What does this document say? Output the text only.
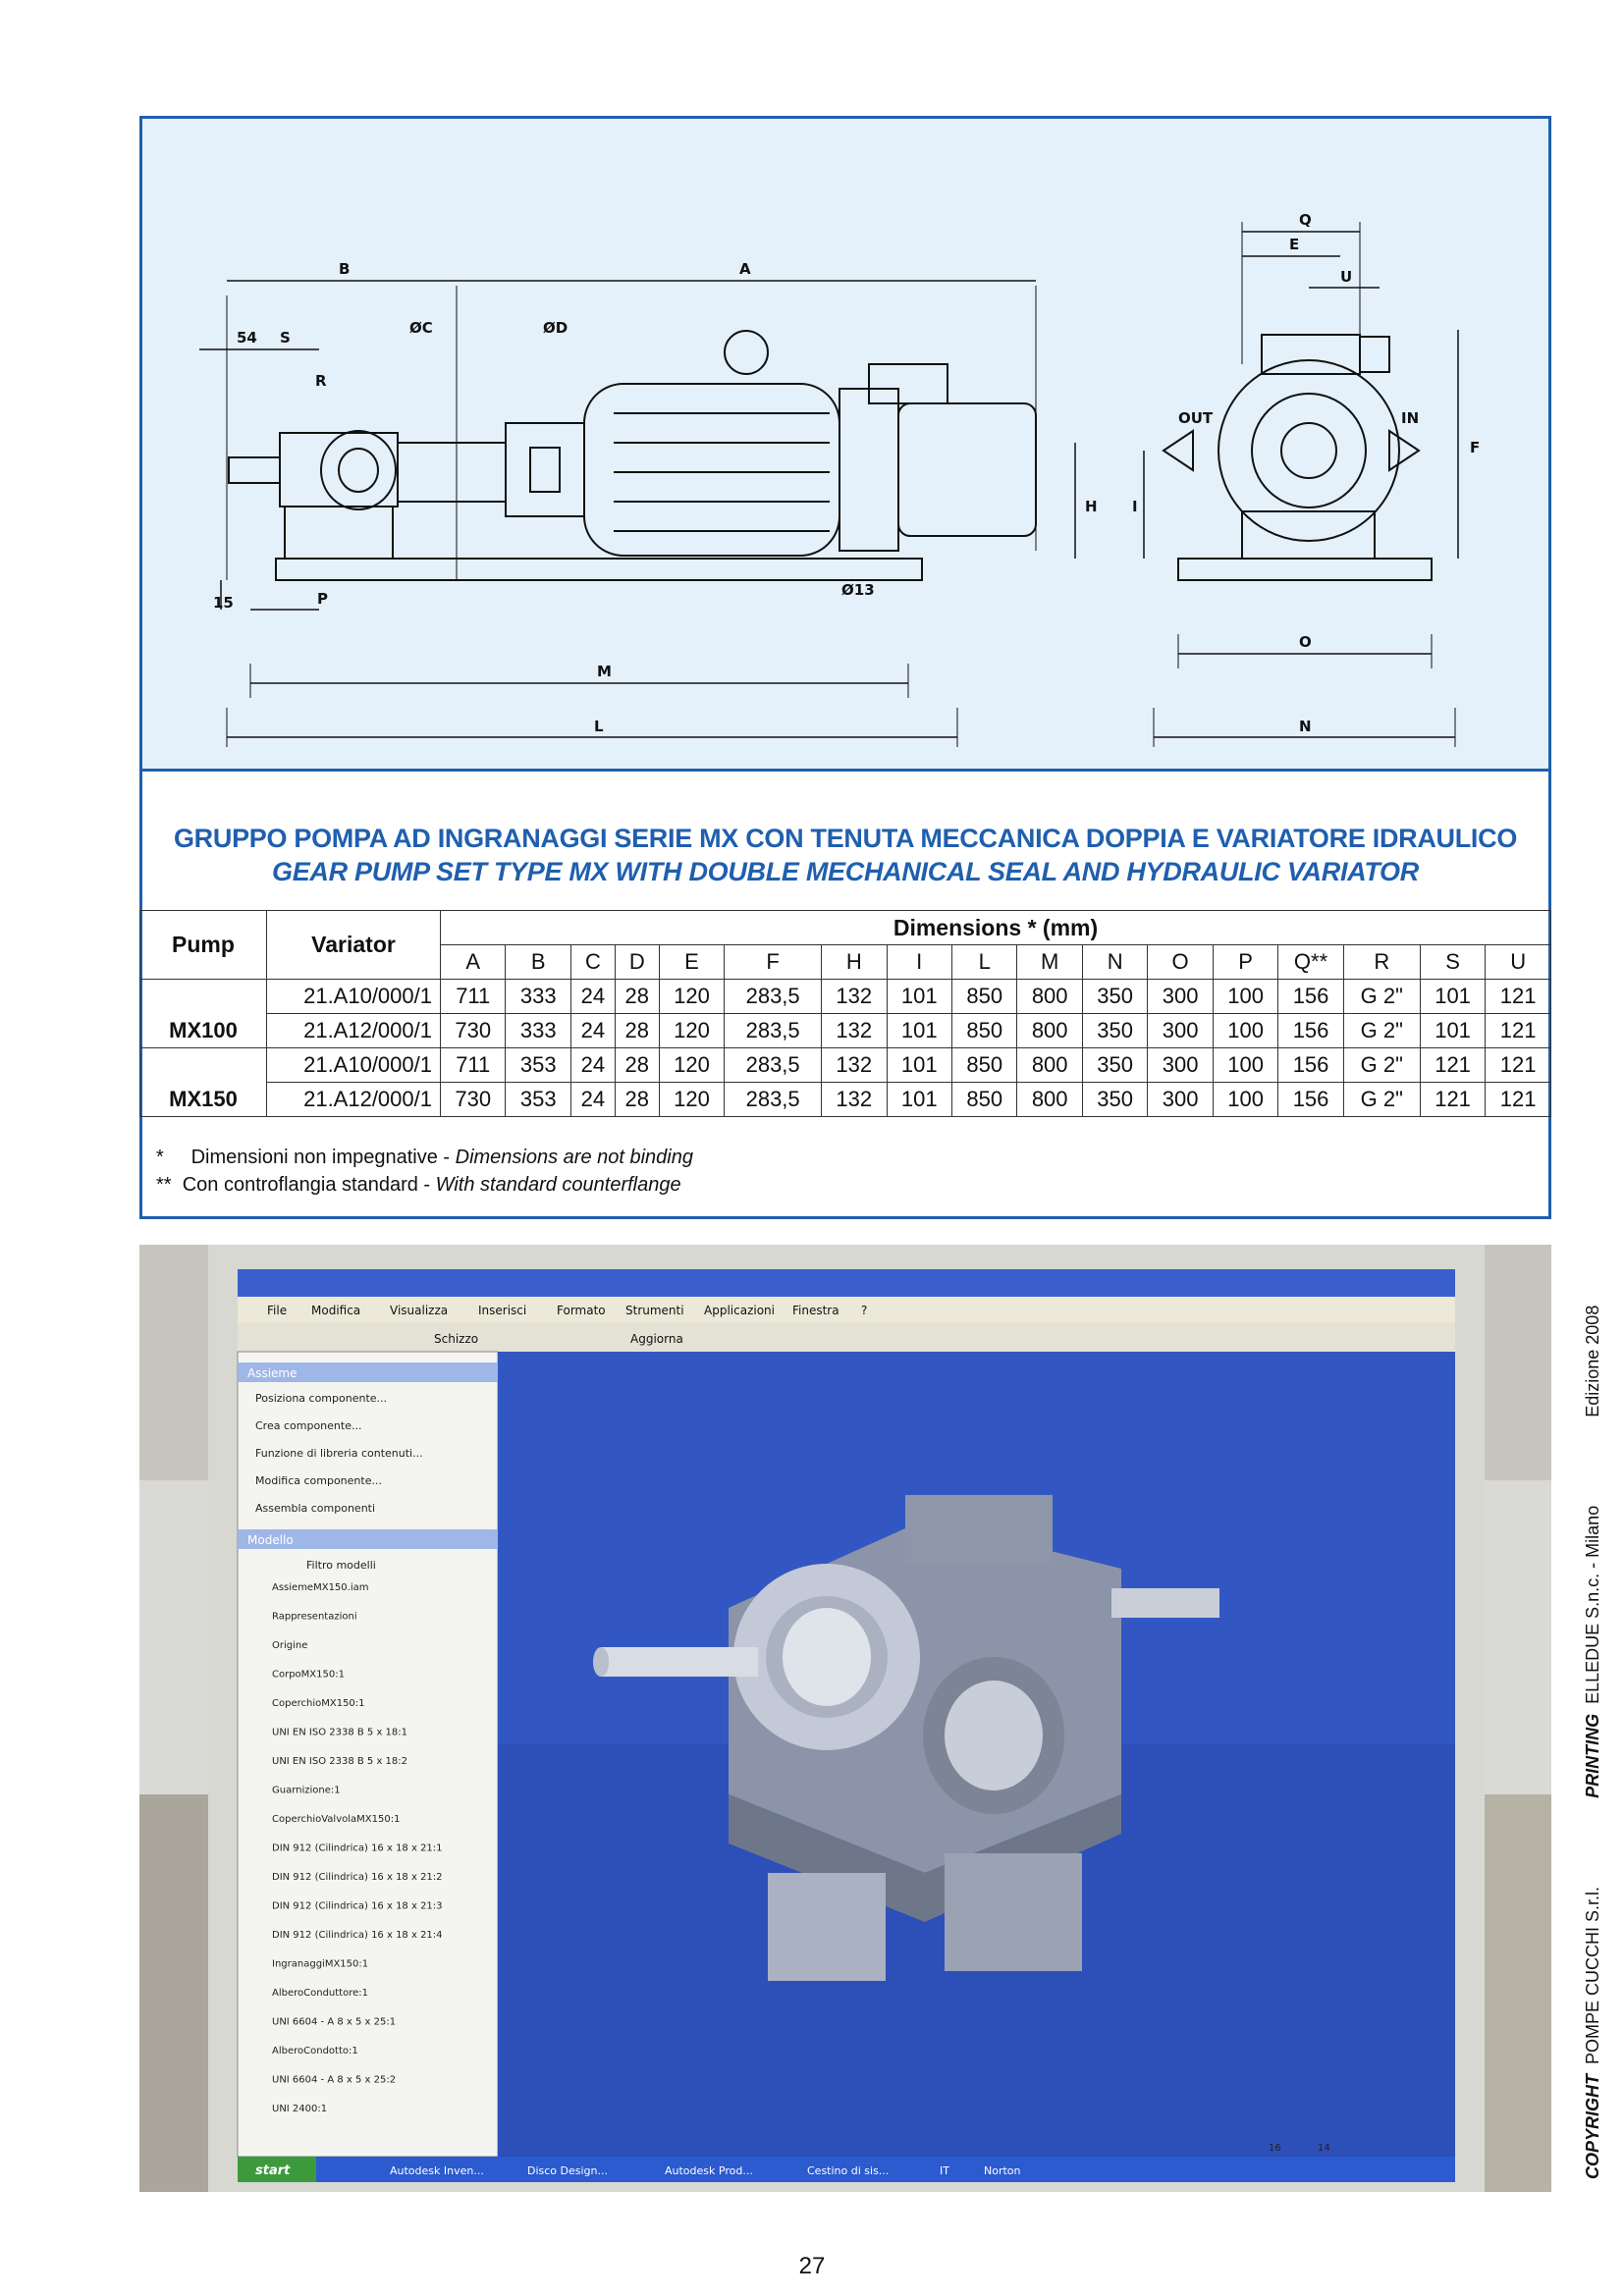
B	A
ØC	ØD
54 S
R
H
P
15
Ø13
M
L
Q
E
U
F
I
OUT	IN
O
N
GRUPPO POMPA AD INGRANAGGI SERIE MX CON TENUTA MECCANICA DOPPIA E VARIATORE IDRAULICO
GEAR PUMP SET TYPE MX WITH DOUBLE MECHANICAL SEAL AND HYDRAULIC VARIATOR
Pump	Variator	Dimensions * (mm)																
		A	B	C	D	E	F	H	I	L	M	N	O	P	Q**	R	S	U
	21.A10/000/1	711	333	24	28	120	283,5	132	101	850	800	350	300	100	156	G 2"	101	121
MX100	21.A12/000/1	730	333	24	28	120	283,5	132	101	850	800	350	300	100	156	G 2"	101	121
	21.A10/000/1	711	353	24	28	120	283,5	132	101	850	800	350	300	100	156	G 2"	121	121
MX150	21.A12/000/1	730	353	24	28	120	283,5	132	101	850	800	350	300	100	156	G 2"	121	121
* Dimensioni non impegnative - Dimensions are not binding
** Con controflangia standard - With standard counterflange
File Modifica Visualizza	Inserisci	Formato Strumenti Applicazioni Finestra ?
Schizzo	Aggiorna
Assieme
Posiziona componente...
Crea componente...
Funzione di libreria contenuti...
Modifica componente...
Assembla componenti
Modello
Filtro modelli
AssiemeMX150.iam
Rappresentazioni
Origine
CorpoMX150:1
CoperchioMX150:1
UNI EN ISO 2338 B 5 x 18:1
UNI EN ISO 2338 B 5 x 18:2
Guarnizione:1
CoperchioValvolaMX150:1
DIN 912 (Cilindrica) 16 x 18 x 21:1
DIN 912 (Cilindrica) 16 x 18 x 21:2
DIN 912 (Cilindrica) 16 x 18 x 21:3
DIN 912 (Cilindrica) 16 x 18 x 21:4
IngranaggiMX150:1
AlberoConduttore:1
UNI 6604 - A 8 x 5 x 25:1
AlberoCondotto:1
UNI 6604 - A 8 x 5 x 25:2
UNI 2400:1
start	Autodesk Inven...	Disco Design...	Autodesk Prod...	Cestino di sis...	IT	Norton
16	14	COPYRIGHT  POMPE CUCCHI S.r.l.  PRINTING  ELLEDUE S.n.c. - Milano  Edizione 2008
27
